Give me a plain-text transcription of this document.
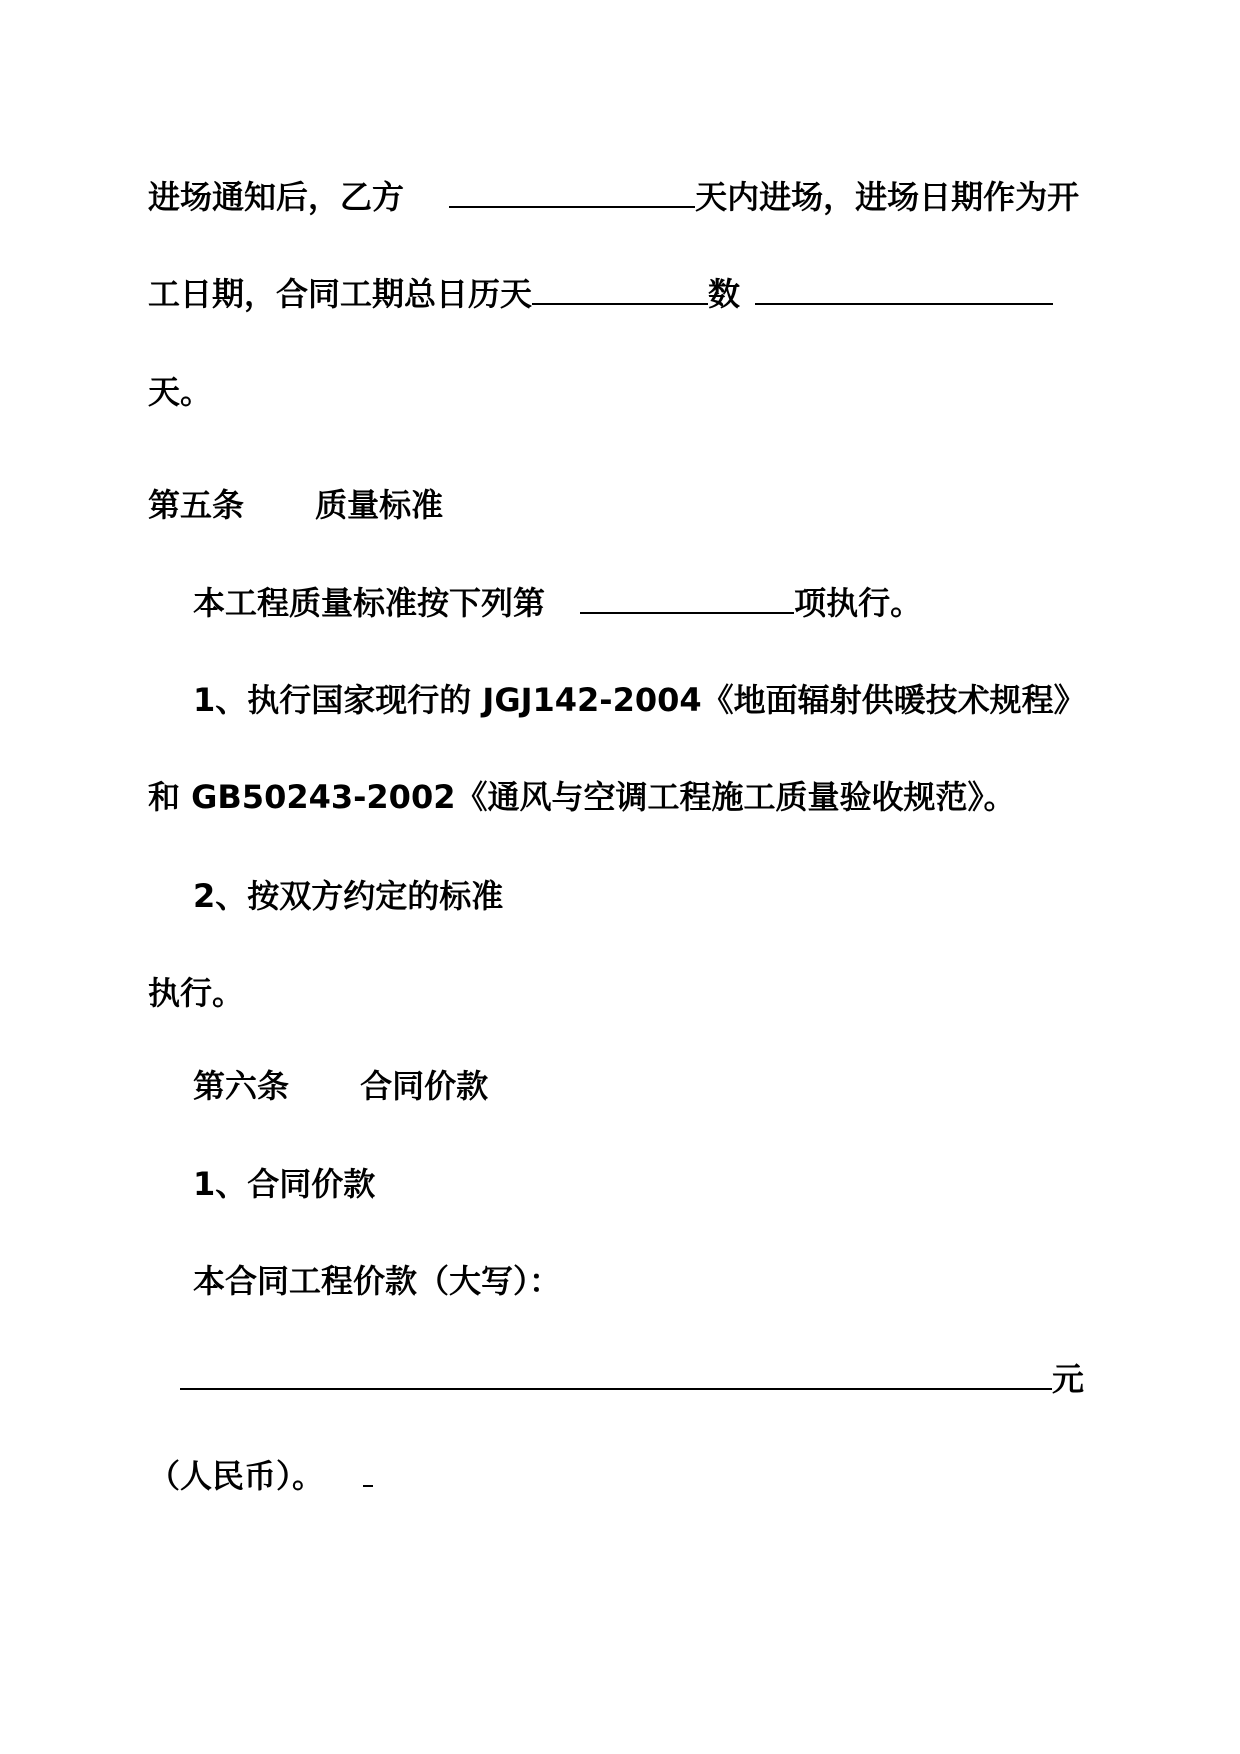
进场通知后，乙方	天内进场，进场日期作为开
工日期，合同工期总日历天	数
天。
第五条 质量标准
本工程质量标准按下列第	项执行。
1、执行国家现行的 JGJ142-2004《地面辐射供暖技术规程》
和 GB50243-2002《通风与空调工程施工质量验收规范》。
2、按双方约定的标准
执行。
第六条 合同价款
1、合同价款
本合同工程价款（大写）：
元
（人民币）。
